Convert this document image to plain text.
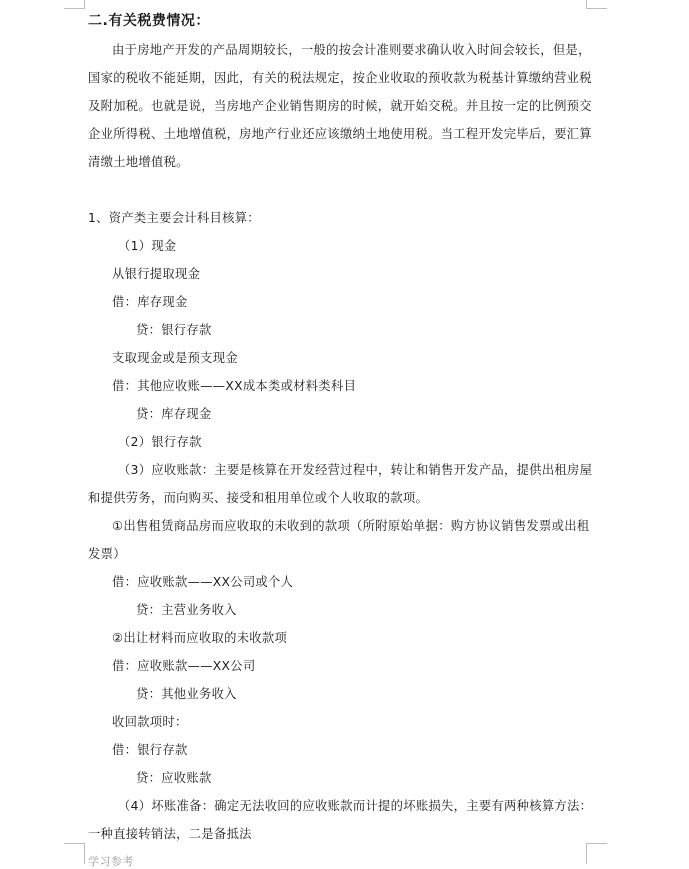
二.有关税费情况：
由于房地产开发的产品周期较长，一般的按会计准则要求确认收入时间会较长，但是，
国家的税收不能延期，因此，有关的税法规定，按企业收取的预收款为税基计算缴纳营业税
及附加税。也就是说，当房地产企业销售期房的时候，就开始交税。并且按一定的比例预交
企业所得税、土地增值税，房地产行业还应该缴纳土地使用税。当工程开发完毕后，要汇算
清缴土地增值税。
1、资产类主要会计科目核算：
（1）现金
从银行提取现金
借：库存现金
贷：银行存款
支取现金或是预支现金
借：其他应收账——XX成本类或材料类科目
贷：库存现金
（2）银行存款
（3）应收账款：主要是核算在开发经营过程中，转让和销售开发产品，提供出租房屋
和提供劳务，而向购买、接受和租用单位或个人收取的款项。
①出售租赁商品房而应收取的未收到的款项（所附原始单据：购方协议销售发票或出租
发票）
借：应收账款——XX公司或个人
贷：主营业务收入
②出让材料而应收取的未收款项
借：应收账款——XX公司
贷：其他业务收入
收回款项时：
借：银行存款
贷：应收账款
（4）坏账准备：确定无法收回的应收账款而计提的坏账损失，主要有两种核算方法：
一种直接转销法，二是备抵法
学习参考
